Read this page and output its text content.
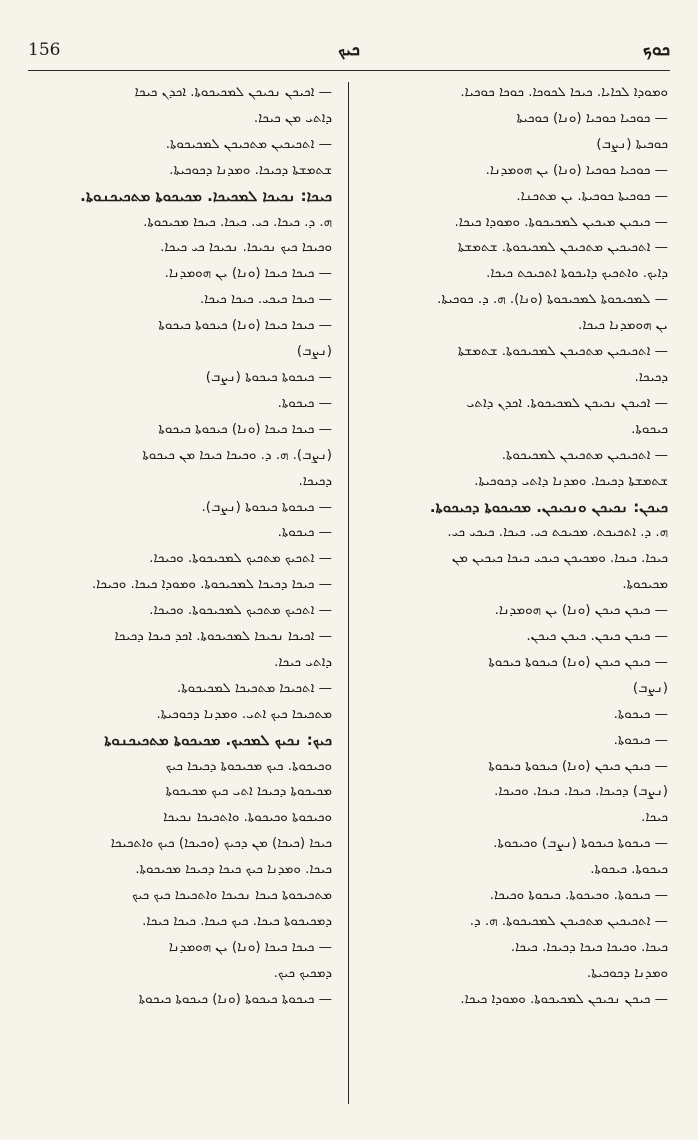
156	ܟܝܟ	ܟܘܟ
ܘܡܘܕܐ ܠܟܐܝܐ. ܟܝܟܐ ܠܟܘܟܐ. ܟܘܟܐ ܟܘܟܝܐ.
— ܟܘܟܝܐ ܟܘܟܝܐ (ܘܢܐ) ܟܘܟܝܬܐ
ܟܘܟܝܬܐ (ܢܨܒ)
— ܟܘܟܝܐ ܟܘܟܝܐ (ܘܢܐ) ܝܢ ܗܘܡܕܢܐ.
— ܟܘܟܝܬܐ ܟܘܟܝܬܐ. ܝܢ ܡܬܟܢܐ.
— ܟܝܟܝܢ ܡܝܟܝܢ ܠܡܟܝܟܘܬܐ. ܘܡܘܕܐ ܟܝܟܐ.
— ܐܬܟܝܟܝܢ ܡܬܟܝܟܢ ܠܡܟܝܟܘܬܐ. ܫܬܡܫܬܐ
ܕܐܝܟ. ܘܐܬܟܝܟ ܕܐܝܟܘܬܐ ܐܬܟܝܟܬ ܟܝܟܐ.
— ܠܡܟܝܟܘܬܐ ܠܡܟܝܟܘܬܐ (ܘܢܐ). ܗ. ܕ. ܟܘܟܝܬܐ.
ܝܢ ܗܘܡܕܢܐ ܟܝܟܐ.
— ܐܬܟܝܟܝܢ ܡܬܟܝܟܢ ܠܡܟܝܟܘܬܐ. ܫܬܡܫܬܐ
ܕܟܝܟܐ.
— ܐܟܝܟܢ ܢܟܝܟܢ ܠܡܟܝܟܘܬܐ. ܐܟܕܢ ܕܐܬܝ
ܟܝܟܘܬܐ.
— ܐܬܟܝܟܝܢ ܡܬܟܝܟܢ ܠܡܟܝܟܘܬܐ.
ܫܬܡܫܬܐ ܕܟܝܟܐ. ܘܡܕܢܐ ܕܐܬܝ ܕܟܘܟܝܬܐ.
ܟܝܟܢ: ܢܟܝܟܢ ܘܢܟܝܟܢ. ܡܟܝܟܘܬܐ ܕܟܝܟܘܬܐ.
ܗ. ܕ. ܐܬܟܝܟܬ. ܡܟܝܟܬ ܟܝ. ܟܝܟܐ. ܟܝܟܝ ܟܝ.
ܟܝܟܐ. ܟܝܟܐ. ܘܡܟܝܟܢ ܟܝܟܝ ܟܝܟܐ ܟܝܟܝܢ ܡܢ
ܡܟܝܟܘܬܐ.
— ܟܝܟܢ ܟܝܟܢ (ܘܢܐ) ܝܢ ܗܘܡܕܢܐ.
— ܟܝܟܢ ܟܝܟܢ. ܟܝܟܢ ܟܝܟܢ.
— ܟܝܟܢ ܟܝܟܢ (ܘܢܐ) ܟܝܟܘܬܐ ܟܝܟܘܬܐ
(ܢܨܒ)
— ܟܝܟܘܬܐ.
— ܟܝܟܘܬܐ.
— ܟܝܟܢ ܟܝܟܢ (ܘܢܐ) ܟܝܟܘܬܐ ܟܝܟܘܬܐ
(ܢܨܒ) ܕܟܝܟܐ. ܟܝܟܐ. ܟܝܟܐ. ܘܟܝܟܐ.
ܟܝܟܐ.
— ܟܝܟܘܬܐ ܟܝܟܘܬܐ (ܢܨܒ) ܘܟܝܟܘܬܐ.
ܟܝܟܘܬܐ. ܟܝܟܘܬܐ.
— ܟܝܟܘܬܐ. ܘܟܝܟܘܬܐ. ܟܝܟܘܬܐ ܘܟܝܟܐ.
— ܐܬܟܝܟܝܢ ܡܬܟܝܟܢ ܠܡܟܝܟܘܬܐ. ܗ. ܕ.
ܟܝܟܐ. ܘܟܝܟܐ ܟܝܟܐ ܕܟܝܟܐ. ܟܝܟܐ.
ܘܡܕܢܐ ܕܟܘܟܝܬܐ.
— ܟܝܟܢ ܢܟܝܟܢ ܠܡܟܝܟܘܬܐ. ܘܡܘܕܐ ܟܝܟܐ.
— ܐܟܝܟܢ ܢܟܝܟܢ ܠܡܟܝܟܘܬܐ. ܐܟܕܢ ܟܝܟܐ
ܕܐܬܝ ܡܢ ܟܝܟܐ.
— ܐܬܟܝܟܝܢ ܡܬܟܝܟܢ ܠܡܟܝܟܘܬܐ.
ܫܬܡܫܬܐ ܕܟܝܟܐ. ܘܡܕܢܐ ܕܟܘܟܝܬܐ.
ܟܝܟܐ: ܢܟܝܟܐ ܠܡܟܝܟܐ. ܡܟܝܟܘܬܐ ܡܬܟܝܟܢܘܬܐ.
ܗ. ܕ. ܟܝܟܐ. ܟܝ. ܟܝܟܐ. ܟܝܟܐ ܡܟܝܟܘܬܐ.
ܘܟܝܟܐ ܟܝܟ ܢܟܝܟܐ. ܢܟܝܟܐ ܟܝ ܟܝܟܐ.
— ܟܝܟܐ ܟܝܟܐ (ܘܢܐ) ܝܢ ܗܘܡܕܢܐ.
— ܟܝܟܐ ܟܝܟܝ. ܟܝܟܐ ܟܝܟܐ.
— ܟܝܟܐ ܟܝܟܐ (ܘܢܐ) ܟܝܟܘܬܐ ܟܝܟܘܬܐ
(ܢܨܒ)
— ܟܝܟܘܬܐ ܟܝܟܘܬܐ (ܢܨܒ)
— ܟܝܟܘܬܐ.
— ܟܝܟܐ ܟܝܟܐ (ܘܢܐ) ܟܝܟܘܬܐ ܟܝܟܘܬܐ
(ܢܨܒ). ܗ. ܕ. ܘܟܝܟܐ ܟܝܟܐ ܡܢ ܟܝܟܘܬܐ
ܕܟܝܟܐ.
— ܟܝܟܘܬܐ ܟܝܟܘܬܐ (ܢܨܒ).
— ܟܝܟܘܬܐ.
— ܐܬܟܝܟ ܡܬܟܝܟ ܠܡܟܝܟܘܬܐ. ܘܟܝܟܐ.
— ܟܝܟܐ ܕܟܝܟܐ ܠܡܟܝܟܘܬܐ. ܘܡܘܕܐ ܟܝܟܐ. ܘܟܝܟܐ.
— ܐܬܟܝܟ ܡܬܟܝܟ ܠܡܟܝܟܘܬܐ. ܘܟܝܟܐ.
— ܐܟܝܟܐ ܢܟܝܟܐ ܠܡܟܝܟܘܬܐ. ܐܟܕ ܟܝܟܐ ܕܟܝܟܐ
ܕܐܬܝ ܟܝܟܐ.
— ܐܬܟܝܟܐ ܡܬܟܝܟܐ ܠܡܟܝܟܘܬܐ.
ܡܬܟܝܟܐ ܟܝܟ ܐܬܝ. ܘܡܕܢܐ ܕܟܘܟܝܬܐ.
ܟܝܟ: ܢܟܝܟ ܠܡܟܝܟ. ܡܟܝܟܘܬܐ ܡܬܟܝܟܢܘܬܐ
ܘܟܝܟܘܬܐ. ܟܝܟ ܡܟܝܟܘܬܐ ܕܟܝܟܐ ܟܝܟ
ܡܟܝܟܘܬܐ ܕܟܝܟܐ ܐܬܝ ܟܝܟ ܡܟܝܟܘܬܐ
ܘܟܝܟܘܬܐ ܘܟܝܟܘܬܐ. ܘܐܬܟܝܟܐ ܢܟܝܟܐ
ܟܝܟܐ (ܟܝܟܐ) ܡܢ ܕܟܝܟ (ܘܟܝܟܐ) ܟܝܟ ܘܐܬܟܝܟܐ
ܟܝܟܐ. ܘܡܕܢܐ ܟܝܟ ܟܝܟܐ ܕܟܝܟܐ ܡܟܝܟܘܬܐ.
ܡܬܟܝܟܘܬܐ ܟܝܟܐ ܢܟܝܟܐ ܘܐܬܟܝܟܐ ܟܝܟ ܟܝܟ
ܕܡܟܝܟܘܬܐ ܟܝܟܐ. ܟܝܟ ܟܝܟܐ. ܟܝܟܐ ܟܝܟܐ.
— ܟܝܟܐ ܟܝܟܐ (ܘܢܐ) ܝܢ ܗܘܡܕܢܐ
ܕܡܟܝܟ ܟܝܟ.
— ܟܝܟܘܬܐ ܟܝܟܘܬܐ (ܘܢܐ) ܟܝܟܘܬܐ ܟܝܟܘܬܐ
